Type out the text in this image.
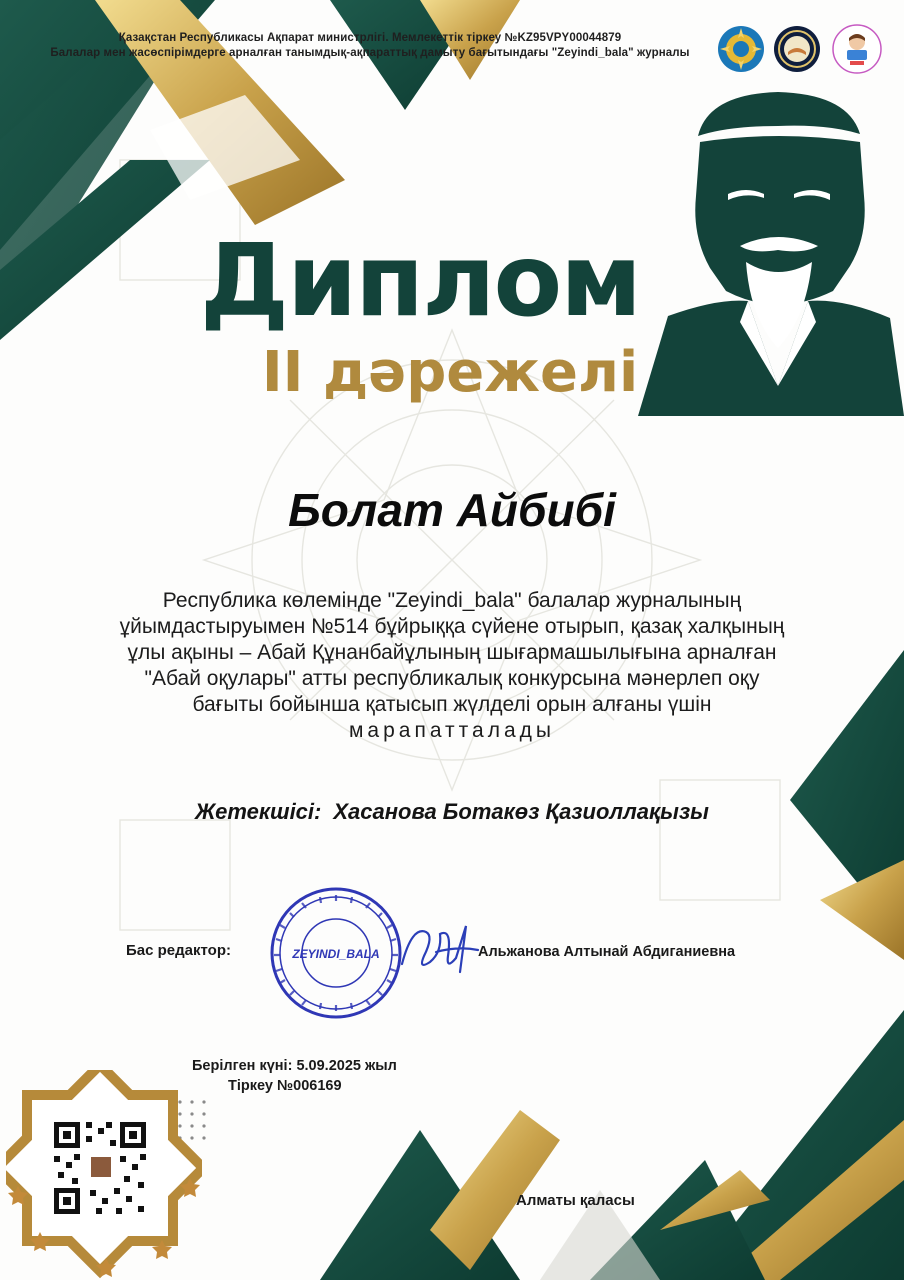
Қазақстан Республикасы Ақпарат министрлігі. Мемлекеттік тіркеу №KZ95VPY00044879

Балалар мен жасөспірімдерге арналған танымдық-ақпараттық дамыту бағытындағы "Zeyindi_bala" журналы

Диплом

ІІ дәрежелі

Болат Айбибі

Республика көлемінде "Zeyindi_bala" балалар журналының
ұйымдастыруымен №514 бұйрыққа сүйене отырып, қазақ халқының
ұлы ақыны – Абай Құнанбайұлының шығармашылығына арналған
"Абай оқулары" атты республикалық конкурсына мәнерлеп оқу
бағыты бойынша қатысып жүлделі орын алғаны үшін
марапатталады

Жетекшісі: Хасанова Ботакөз Қазиоллақызы

Бас редактор:	ZEYINDI_BALA	Альжанова Алтынай Абдиганиевна

Берілген күні: 5.09.2025 жыл

Тіркеу №006169

Алматы қаласы
